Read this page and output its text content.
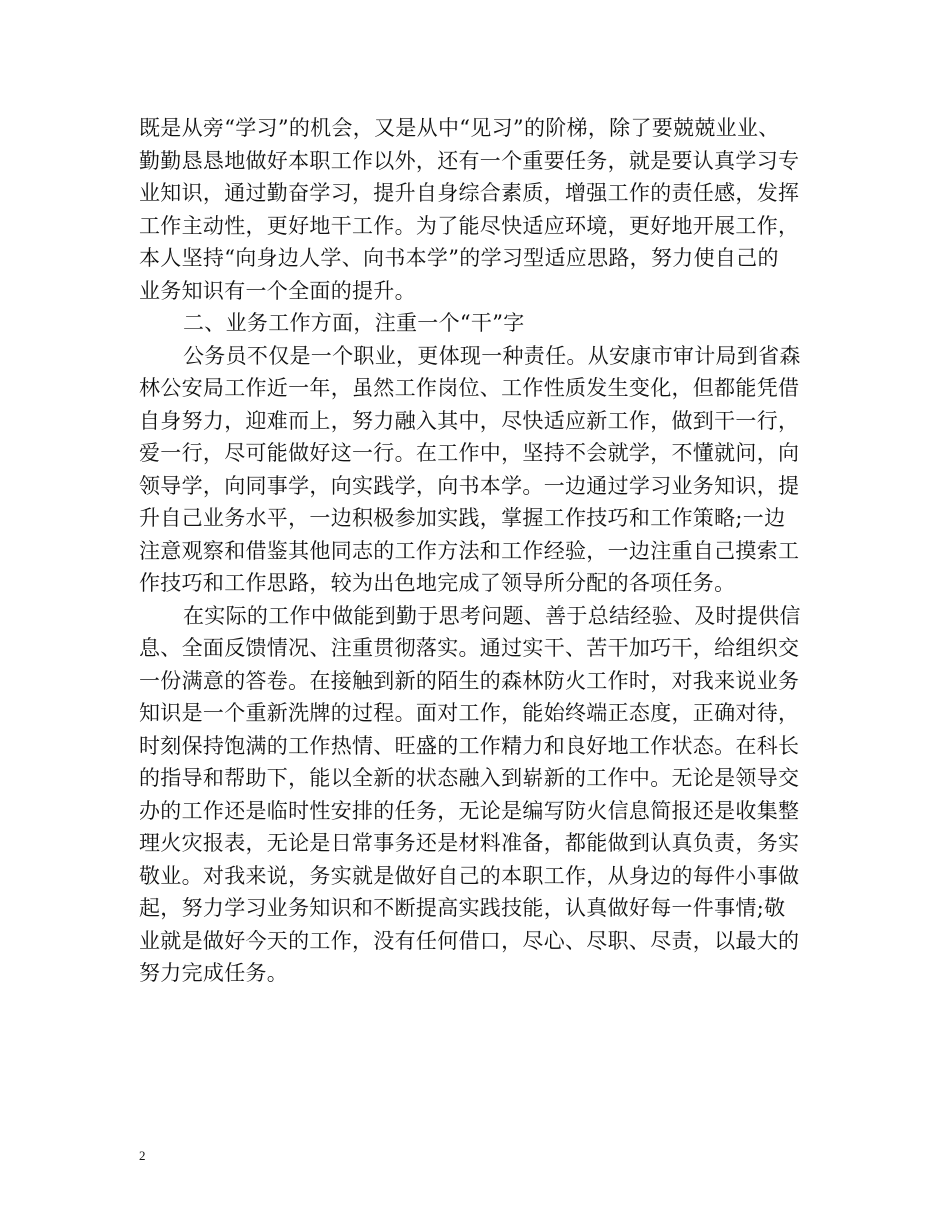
既是从旁“学习”的机会，又是从中“见习”的阶梯，除了要兢兢业业、
勤勤恳恳地做好本职工作以外，还有一个重要任务，就是要认真学习专
业知识，通过勤奋学习，提升自身综合素质，增强工作的责任感，发挥
工作主动性，更好地干工作。为了能尽快适应环境，更好地开展工作，
本人坚持“向身边人学、向书本学”的学习型适应思路，努力使自己的
业务知识有一个全面的提升。
二、业务工作方面，注重一个“干”字
公务员不仅是一个职业，更体现一种责任。从安康市审计局到省森
林公安局工作近一年，虽然工作岗位、工作性质发生变化，但都能凭借
自身努力，迎难而上，努力融入其中，尽快适应新工作，做到干一行，
爱一行，尽可能做好这一行。在工作中，坚持不会就学，不懂就问，向
领导学，向同事学，向实践学，向书本学。一边通过学习业务知识，提
升自己业务水平，一边积极参加实践，掌握工作技巧和工作策略;一边
注意观察和借鉴其他同志的工作方法和工作经验，一边注重自己摸索工
作技巧和工作思路，较为出色地完成了领导所分配的各项任务。
在实际的工作中做能到勤于思考问题、善于总结经验、及时提供信
息、全面反馈情况、注重贯彻落实。通过实干、苦干加巧干，给组织交
一份满意的答卷。在接触到新的陌生的森林防火工作时，对我来说业务
知识是一个重新洗牌的过程。面对工作，能始终端正态度，正确对待，
时刻保持饱满的工作热情、旺盛的工作精力和良好地工作状态。在科长
的指导和帮助下，能以全新的状态融入到崭新的工作中。无论是领导交
办的工作还是临时性安排的任务，无论是编写防火信息简报还是收集整
理火灾报表，无论是日常事务还是材料准备，都能做到认真负责，务实
敬业。对我来说，务实就是做好自己的本职工作，从身边的每件小事做
起，努力学习业务知识和不断提高实践技能，认真做好每一件事情;敬
业就是做好今天的工作，没有任何借口，尽心、尽职、尽责，以最大的
努力完成任务。
2
